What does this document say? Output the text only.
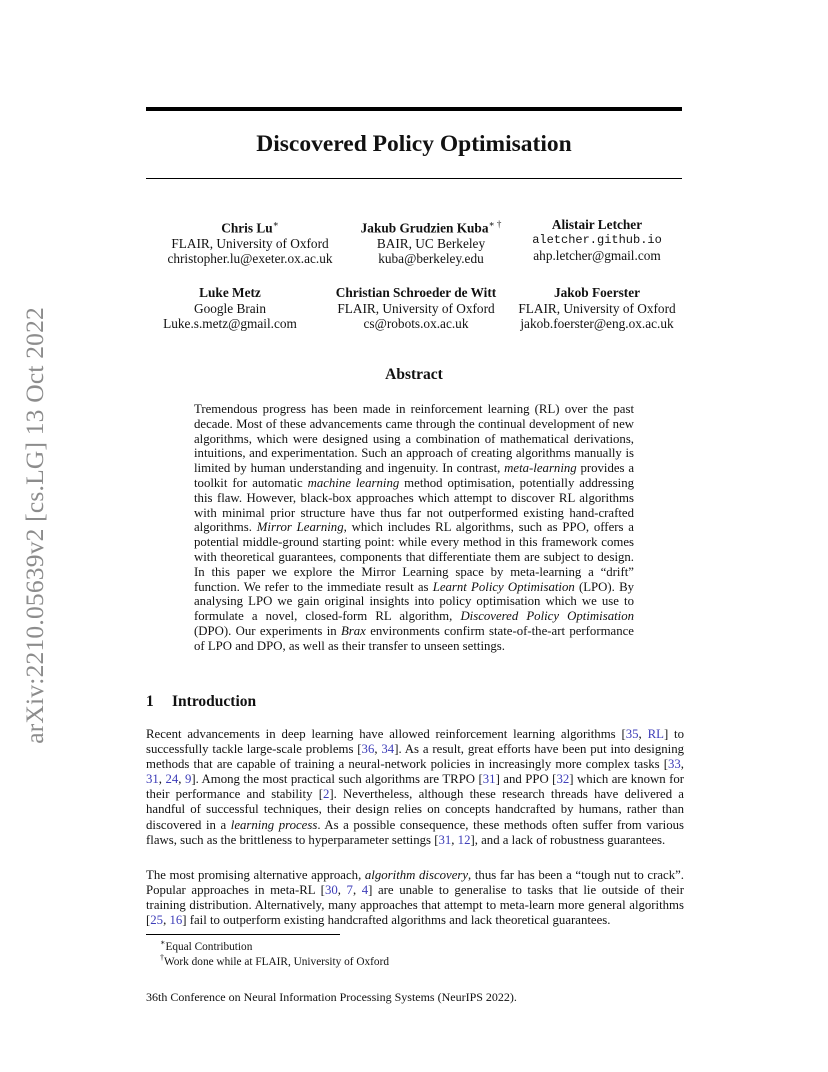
arXiv:2210.05639v2 [cs.LG] 13 Oct 2022
Discovered Policy Optimisation
Chris Lu∗
FLAIR, University of Oxford
christopher.lu@exeter.ox.ac.uk
Jakub Grudzien Kuba∗ †
BAIR, UC Berkeley
kuba@berkeley.edu
Alistair Letcher
aletcher.github.io
ahp.letcher@gmail.com
Luke Metz
Google Brain
Luke.s.metz@gmail.com
Christian Schroeder de Witt
FLAIR, University of Oxford
cs@robots.ox.ac.uk
Jakob Foerster
FLAIR, University of Oxford
jakob.foerster@eng.ox.ac.uk
Abstract

Tremendous progress has been made in reinforcement learning (RL) over the past decade. Most of these advancements came through the continual development of new algorithms, which were designed using a combination of mathematical derivations, intuitions, and experimentation. Such an approach of creating algorithms manually is limited by human understanding and ingenuity. In contrast, meta-learning provides a toolkit for automatic machine learning method optimisation, potentially addressing this flaw. However, black-box approaches which attempt to discover RL algorithms with minimal prior structure have thus far not outperformed existing hand-crafted algorithms. Mirror Learning, which includes RL algorithms, such as PPO, offers a potential middle-ground starting point: while every method in this framework comes with theoretical guarantees, components that differentiate them are subject to design. In this paper we explore the Mirror Learning space by meta-learning a “drift” function. We refer to the immediate result as Learnt Policy Optimisation (LPO). By analysing LPO we gain original insights into policy optimisation which we use to formulate a novel, closed-form RL algorithm, Discovered Policy Optimisation (DPO). Our experiments in Brax environments confirm state-of-the-art performance of LPO and DPO, as well as their transfer to unseen settings.

1 Introduction

Recent advancements in deep learning have allowed reinforcement learning algorithms [35, RL] to successfully tackle large-scale problems [36, 34]. As a result, great efforts have been put into designing methods that are capable of training a neural-network policies in increasingly more complex tasks [33, 31, 24, 9]. Among the most practical such algorithms are TRPO [31] and PPO [32] which are known for their performance and stability [2]. Nevertheless, although these research threads have delivered a handful of successful techniques, their design relies on concepts handcrafted by humans, rather than discovered in a learning process. As a possible consequence, these methods often suffer from various flaws, such as the brittleness to hyperparameter settings [31, 12], and a lack of robustness guarantees.

The most promising alternative approach, algorithm discovery, thus far has been a “tough nut to crack”. Popular approaches in meta-RL [30, 7, 4] are unable to generalise to tasks that lie outside of their training distribution. Alternatively, many approaches that attempt to meta-learn more general algorithms [25, 16] fail to outperform existing handcrafted algorithms and lack theoretical guarantees.

∗Equal Contribution
†Work done while at FLAIR, University of Oxford
36th Conference on Neural Information Processing Systems (NeurIPS 2022).
